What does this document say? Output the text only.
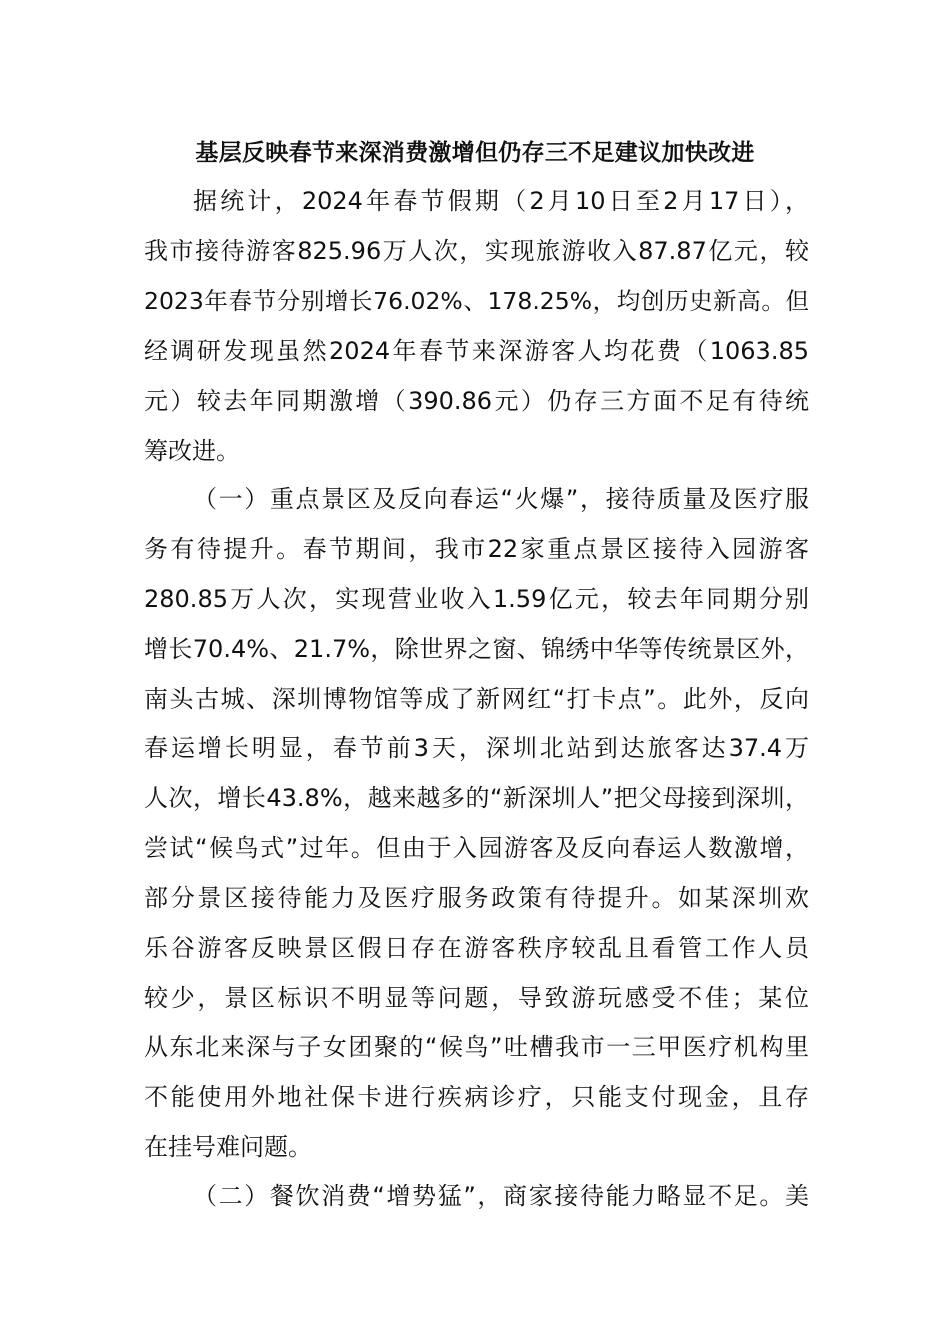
基层反映春节来深消费激增但仍存三不足建议加快改进
据统计，2024年春节假期（2月10日至2月17日），
我市接待游客825.96万人次，实现旅游收入87.87亿元，较
2023年春节分别增长76.02%、178.25%，均创历史新高。但
经调研发现虽然2024年春节来深游客人均花费（1063.85
元）较去年同期激增（390.86元）仍存三方面不足有待统
筹改进。
（一）重点景区及反向春运“火爆”，接待质量及医疗服
务有待提升。春节期间，我市22家重点景区接待入园游客
280.85万人次，实现营业收入1.59亿元，较去年同期分别
增长70.4%、21.7%，除世界之窗、锦绣中华等传统景区外，
南头古城、深圳博物馆等成了新网红“打卡点”。此外，反向
春运增长明显，春节前3天，深圳北站到达旅客达37.4万
人次，增长43.8%，越来越多的“新深圳人”把父母接到深圳，
尝试“候鸟式”过年。但由于入园游客及反向春运人数激增，
部分景区接待能力及医疗服务政策有待提升。如某深圳欢
乐谷游客反映景区假日存在游客秩序较乱且看管工作人员
较少，景区标识不明显等问题，导致游玩感受不佳；某位
从东北来深与子女团聚的“候鸟”吐槽我市一三甲医疗机构里
不能使用外地社保卡进行疾病诊疗，只能支付现金，且存
在挂号难问题。
（二）餐饮消费“增势猛”，商家接待能力略显不足。美
